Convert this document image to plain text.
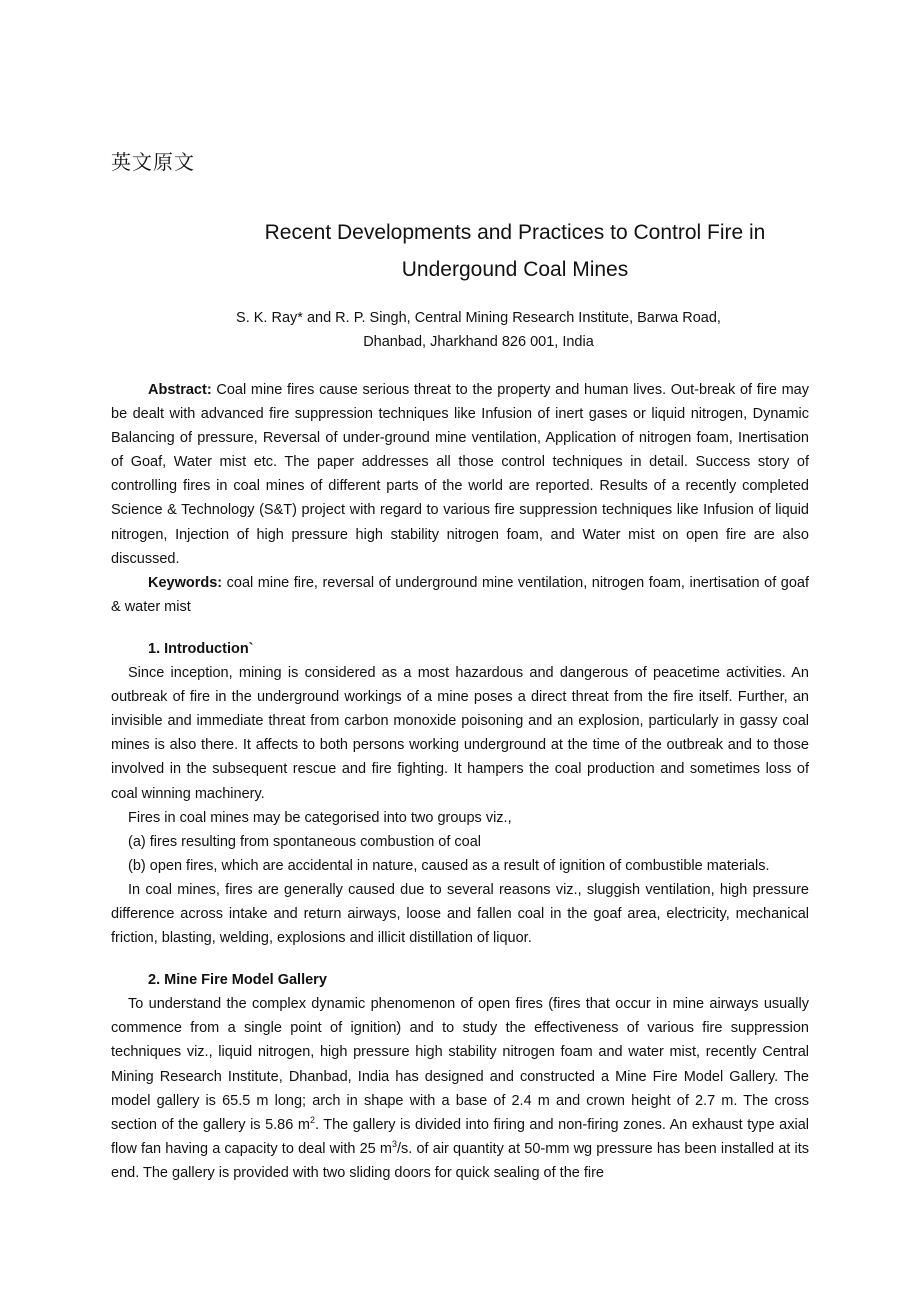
英文原文
Recent Developments and Practices to Control Fire in
Undergound Coal Mines
S. K. Ray* and R. P. Singh, Central Mining Research Institute, Barwa Road,
Dhanbad, Jharkhand 826 001, India

Abstract: Coal mine fires cause serious threat to the property and human lives. Out-break of fire may be dealt with advanced fire suppression techniques like Infusion of inert gases or liquid nitrogen, Dynamic Balancing of pressure, Reversal of under-ground mine ventilation, Application of nitrogen foam, Inertisation of Goaf, Water mist etc. The paper addresses all those control techniques in detail. Success story of controlling fires in coal mines of different parts of the world are reported. Results of a recently completed Science & Technology (S&T) project with regard to various fire suppression techniques like Infusion of liquid nitrogen, Injection of high pressure high stability nitrogen foam, and Water mist on open fire are also discussed.

Keywords: coal mine fire, reversal of underground mine ventilation, nitrogen foam, inertisation of goaf & water mist

1. Introduction`

Since inception, mining is considered as a most hazardous and dangerous of peacetime activities. An outbreak of fire in the underground workings of a mine poses a direct threat from the fire itself. Further, an invisible and immediate threat from carbon monoxide poisoning and an explosion, particularly in gassy coal mines is also there. It affects to both persons working underground at the time of the outbreak and to those involved in the subsequent rescue and fire fighting. It hampers the coal production and sometimes loss of coal winning machinery.

Fires in coal mines may be categorised into two groups viz.,

(a) fires resulting from spontaneous combustion of coal

(b) open fires, which are accidental in nature, caused as a result of ignition of combustible materials.

In coal mines, fires are generally caused due to several reasons viz., sluggish ventilation, high pressure difference across intake and return airways, loose and fallen coal in the goaf area, electricity, mechanical friction, blasting, welding, explosions and illicit distillation of liquor.

2. Mine Fire Model Gallery

To understand the complex dynamic phenomenon of open fires (fires that occur in mine airways usually commence from a single point of ignition) and to study the effectiveness of various fire suppression techniques viz., liquid nitrogen, high pressure high stability nitrogen foam and water mist, recently Central Mining Research Institute, Dhanbad, India has designed and constructed a Mine Fire Model Gallery. The model gallery is 65.5 m long; arch in shape with a base of 2.4 m and crown height of 2.7 m. The cross section of the gallery is 5.86 $m^2$. The gallery is divided into firing and non-firing zones. An exhaust type axial flow fan having a capacity to deal with 25 $m^3/s$. of air quantity at 50-mm wg pressure has been installed at its end. The gallery is provided with two sliding doors for quick sealing of the fire
